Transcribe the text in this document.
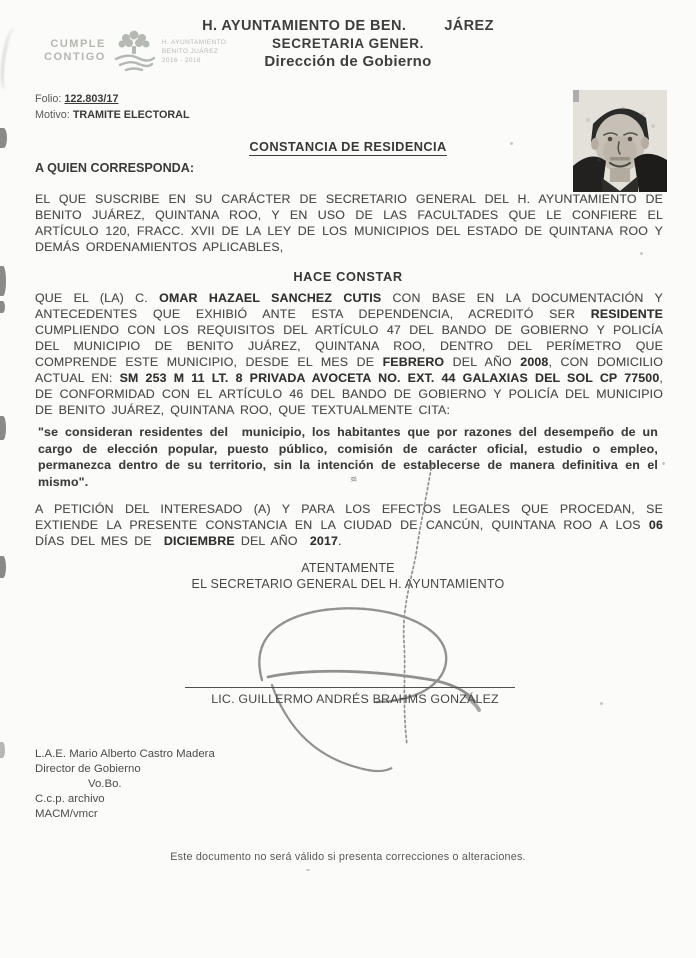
CUMPLE
CONTIGO
H. AYUNTAMIENTO
BENITO JUÁREZ
2016 - 2018
H. AYUNTAMIENTO DE BEN.	JÁREZ
SECRETARIA GENER.
Dirección de Gobierno
Folio: 122.803/17
Motivo: TRAMITE ELECTORAL
CONSTANCIA DE RESIDENCIA
A QUIEN CORRESPONDA:
EL QUE SUSCRIBE EN SU CARÁCTER DE SECRETARIO GENERAL DEL H. AYUNTAMIENTO DE BENITO JUÁREZ, QUINTANA ROO, Y EN USO DE LAS FACULTADES QUE LE CONFIERE EL ARTÍCULO 120, FRACC. XVII DE LA LEY DE LOS MUNICIPIOS DEL ESTADO DE QUINTANA ROO Y DEMÁS ORDENAMIENTOS APLICABLES,
HACE CONSTAR
QUE EL (LA) C. OMAR HAZAEL SANCHEZ CUTIS CON BASE EN LA DOCUMENTACIÓN Y ANTECEDENTES QUE EXHIBIÓ ANTE ESTA DEPENDENCIA, ACREDITÓ SER RESIDENTE CUMPLIENDO CON LOS REQUISITOS DEL ARTÍCULO 47 DEL BANDO DE GOBIERNO Y POLICÍA DEL MUNICIPIO DE BENITO JUÁREZ, QUINTANA ROO, DENTRO DEL PERÍMETRO QUE COMPRENDE ESTE MUNICIPIO, DESDE EL MES DE FEBRERO DEL AÑO 2008, CON DOMICILIO ACTUAL EN: SM 253 M 11 LT. 8 PRIVADA AVOCETA NO. EXT. 44 GALAXIAS DEL SOL CP 77500, DE CONFORMIDAD CON EL ARTÍCULO 46 DEL BANDO DE GOBIERNO Y POLICÍA DEL MUNICIPIO DE BENITO JUÁREZ, QUINTANA ROO, QUE TEXTUALMENTE CITA:
"se consideran residentes del  municipio, los habitantes que por razones del desempeño de un cargo de elección popular, puesto público, comisión de carácter oficial, estudio o empleo, permanezca dentro de su territorio, sin la intención de establecerse de manera definitiva en el mismo".
A PETICIÓN DEL INTERESADO (A) Y PARA LOS EFECTOS LEGALES QUE PROCEDAN, SE EXTIENDE LA PRESENTE CONSTANCIA EN LA CIUDAD DE CANCÚN, QUINTANA ROO A LOS 06 DÍAS DEL MES DE  DICIEMBRE DEL AÑO  2017.
ATENTAMENTE
EL SECRETARIO GENERAL DEL H. AYUNTAMIENTO
LIC. GUILLERMO ANDRÉS BRAHMS GONZÁLEZ
L.A.E. Mario Alberto Castro Madera
Director de Gobierno
Vo.Bo.
C.c.p. archivo
MACM/vmcr
Este documento no será válido si presenta correcciones o alteraciones.
≋
